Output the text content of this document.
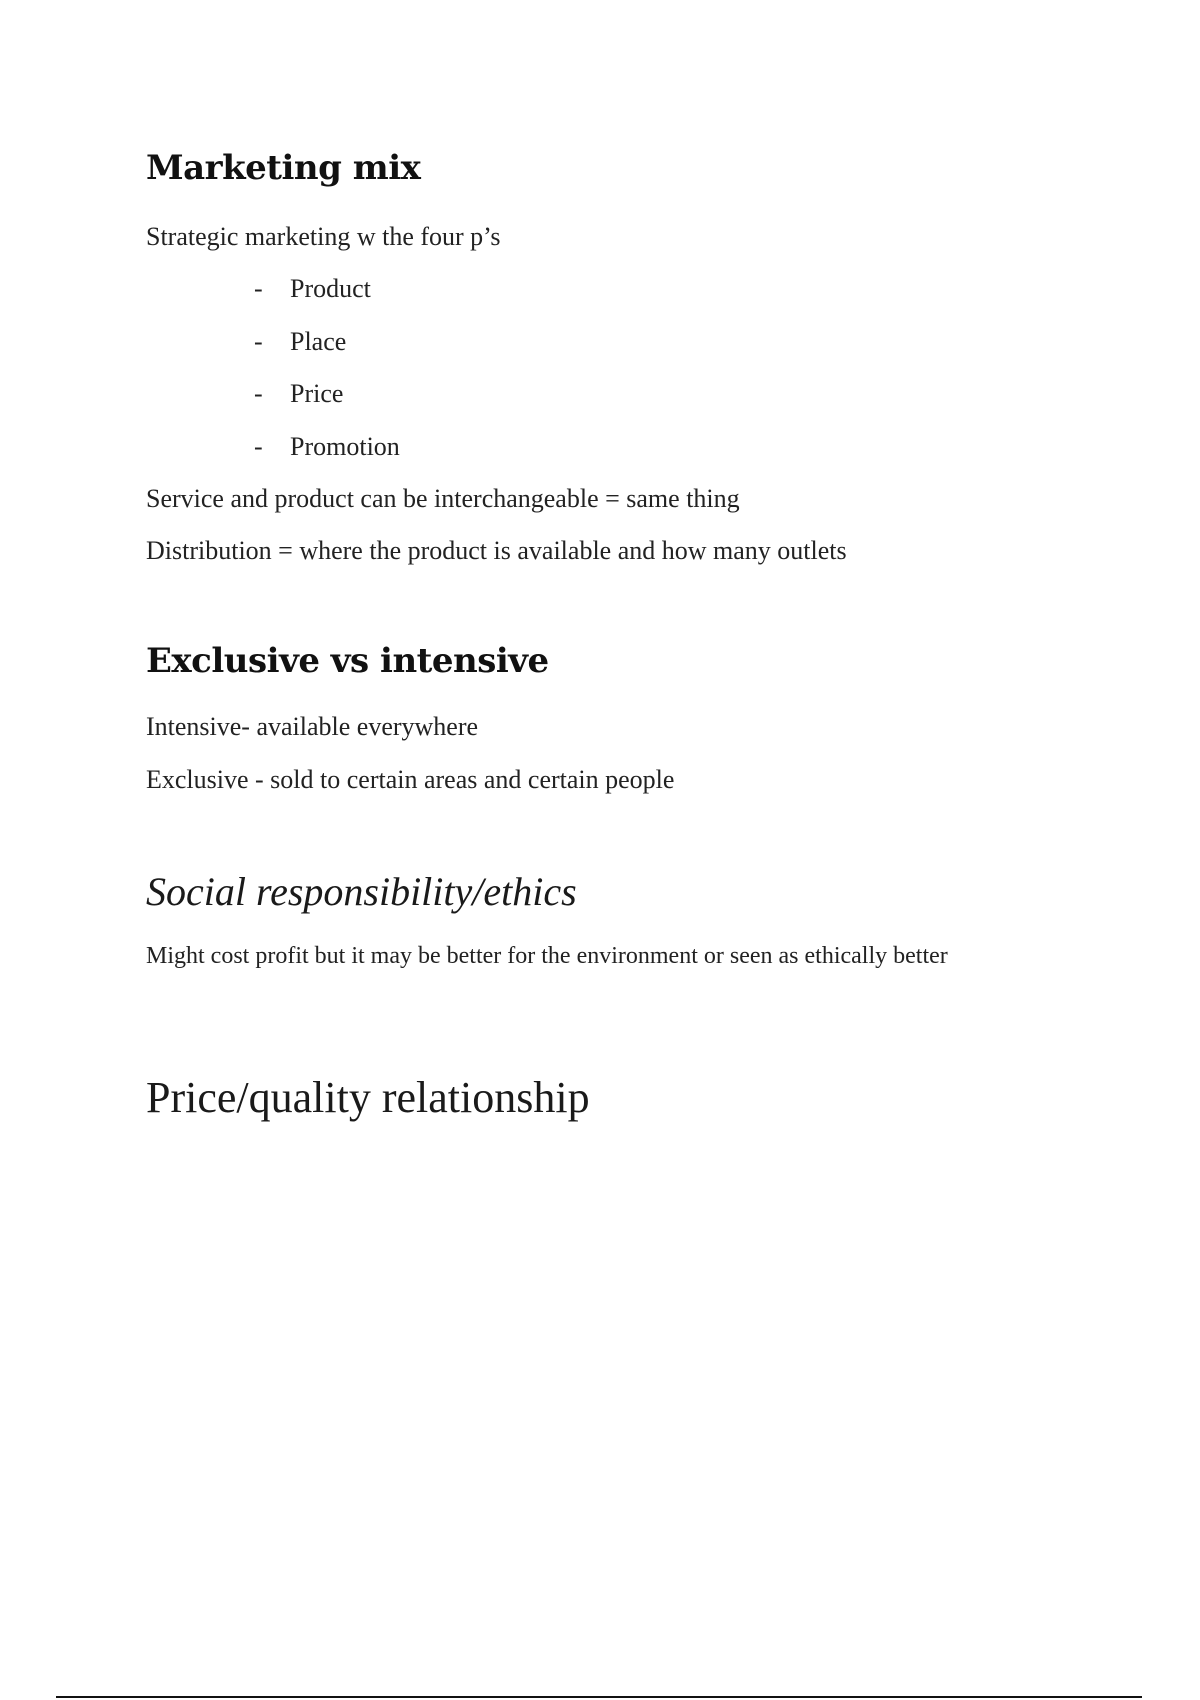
Marketing mix

Strategic marketing w the four p’s

- Product

- Place

- Price

- Promotion

Service and product can be interchangeable = same thing

Distribution = where the product is available and how many outlets

Exclusive vs intensive

Intensive- available everywhere

Exclusive - sold to certain areas and certain people

Social responsibility/ethics

Might cost profit but it may be better for the environment or seen as ethically better

Price/quality relationship
